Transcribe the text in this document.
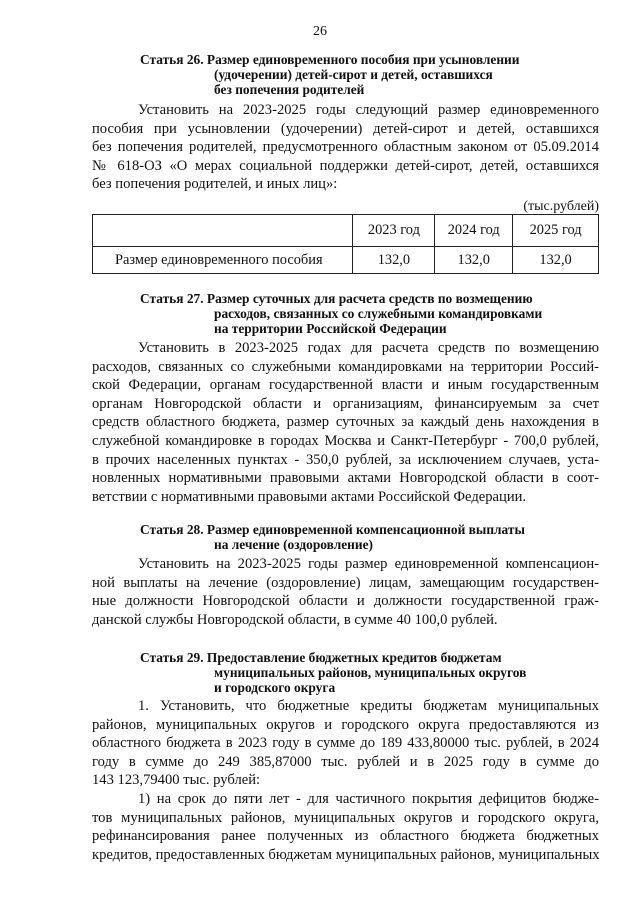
26
Статья 26. Размер единовременного пособия при усыновлении
(удочерении) детей-сирот и детей, оставшихся
без попечения родителей
Установить на 2023-2025 годы следующий размер единовременного
пособия при усыновлении (удочерении) детей-сирот и детей, оставшихся
без попечения родителей, предусмотренного областным законом от 05.09.2014
№ 618-ОЗ «О мерах социальной поддержки детей-сирот, детей, оставшихся
без попечения родителей, и иных лиц»:
(тыс.рублей)
	2023 год	2024 год	2025 год
Размер единовременного пособия	132,0	132,0	132,0
Статья 27. Размер суточных для расчета средств по возмещению
расходов, связанных со служебными командировками
на территории Российской Федерации
Установить в 2023-2025 годах для расчета средств по возмещению
расходов, связанных со служебными командировками на территории Россий-
ской Федерации, органам государственной власти и иным государственным
органам Новгородской области и организациям, финансируемым за счет
средств областного бюджета, размер суточных за каждый день нахождения в
служебной командировке в городах Москва и Санкт-Петербург - 700,0 рублей,
в прочих населенных пунктах - 350,0 рублей, за исключением случаев, уста-
новленных нормативными правовыми актами Новгородской области в соот-
ветствии с нормативными правовыми актами Российской Федерации.
Статья 28. Размер единовременной компенсационной выплаты
на лечение (оздоровление)
Установить на 2023-2025 годы размер единовременной компенсацион-
ной выплаты на лечение (оздоровление) лицам, замещающим государствен-
ные должности Новгородской области и должности государственной граж-
данской службы Новгородской области, в сумме 40 100,0 рублей.
Статья 29. Предоставление бюджетных кредитов бюджетам
муниципальных районов, муниципальных округов
и городского округа
1. Установить, что бюджетные кредиты бюджетам муниципальных
районов, муниципальных округов и городского округа предоставляются из
областного бюджета в 2023 году в сумме до 189 433,80000 тыс. рублей, в 2024
году в сумме до 249 385,87000 тыс. рублей и в 2025 году в сумме до
143 123,79400 тыс. рублей:
1) на срок до пяти лет - для частичного покрытия дефицитов бюдже-
тов муниципальных районов, муниципальных округов и городского округа,
рефинансирования ранее полученных из областного бюджета бюджетных
кредитов, предоставленных бюджетам муниципальных районов, муниципальных
